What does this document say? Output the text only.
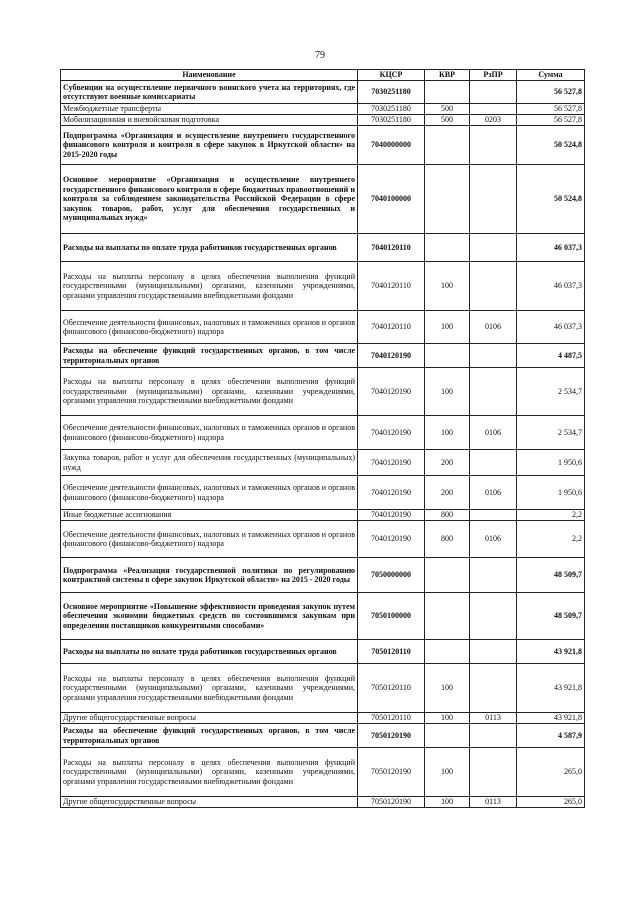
79
Наименование	КЦСР	КВР	РзПР	Сумма
Субвенции на осуществление первичного воинского учета на территориях, где отсутствуют военные комиссариаты	7030251180			56 527,8
Межбюджетные трансферты	7030251180	500		56 527,8
Мобилизационная и вневойсковая подготовка	7030251180	500	0203	56 527,8
Подпрограмма «Организация и осуществление внутреннего государственного финансового контроля и контроля в сфере закупок в Иркутской области» на 2015-2020 годы	7040000000			50 524,8
Основное мероприятие «Организация и осуществление внутреннего государственного финансового контроля в сфере бюджетных правоотношений и контроля за соблюдением законодательства Российской Федерации в сфере закупок товаров, работ, услуг для обеспечения государственных и муниципальных нужд»	7040100000			50 524,8
Расходы на выплаты по оплате труда работников государственных органов	7040120110			46 037,3
Расходы на выплаты персоналу в целях обеспечения выполнения функций государственными (муниципальными) органами, казенными учреждениями, органами управления государственными внебюджетными фондами	7040120110	100		46 037,3
Обеспечение деятельности финансовых, налоговых и таможенных органов и органов финансового (финансово-бюджетного) надзора	7040120110	100	0106	46 037,3
Расходы на обеспечение функций государственных органов, в том числе территориальных органов	7040120190			4 487,5
Расходы на выплаты персоналу в целях обеспечения выполнения функций государственными (муниципальными) органами, казенными учреждениями, органами управления государственными внебюджетными фондами	7040120190	100		2 534,7
Обеспечение деятельности финансовых, налоговых и таможенных органов и органов финансового (финансово-бюджетного) надзора	7040120190	100	0106	2 534,7
Закупка товаров, работ и услуг для обеспечения государственных (муниципальных) нужд	7040120190	200		1 950,6
Обеспечение деятельности финансовых, налоговых и таможенных органов и органов финансового (финансово-бюджетного) надзора	7040120190	200	0106	1 950,6
Иные бюджетные ассигнования	7040120190	800		2,2
Обеспечение деятельности финансовых, налоговых и таможенных органов и органов финансового (финансово-бюджетного) надзора	7040120190	800	0106	2,2
Подпрограмма «Реализация государственной политики по регулированию контрактной системы в сфере закупок Иркутской области» на 2015 - 2020 годы	7050000000			48 509,7
Основное мероприятие «Повышение эффективности проведения закупок путем обеспечения экономии бюджетных средств по состоявшимся закупкам при определении поставщиков конкурентными способами»	7050100000			48 509,7
Расходы на выплаты по оплате труда работников государственных органов	7050120110			43 921,8
Расходы на выплаты персоналу в целях обеспечения выполнения функций государственными (муниципальными) органами, казенными учреждениями, органами управления государственными внебюджетными фондами	7050120110	100		43 921,8
Другие общегосударственные вопросы	7050120110	100	0113	43 921,8
Расходы на обеспечение функций государственных органов, в том числе территориальных органов	7050120190			4 587,9
Расходы на выплаты персоналу в целях обеспечения выполнения функций государственными (муниципальными) органами, казенными учреждениями, органами управления государственными внебюджетными фондами	7050120190	100		265,0
Другие общегосударственные вопросы	7050120190	100	0113	265,0
